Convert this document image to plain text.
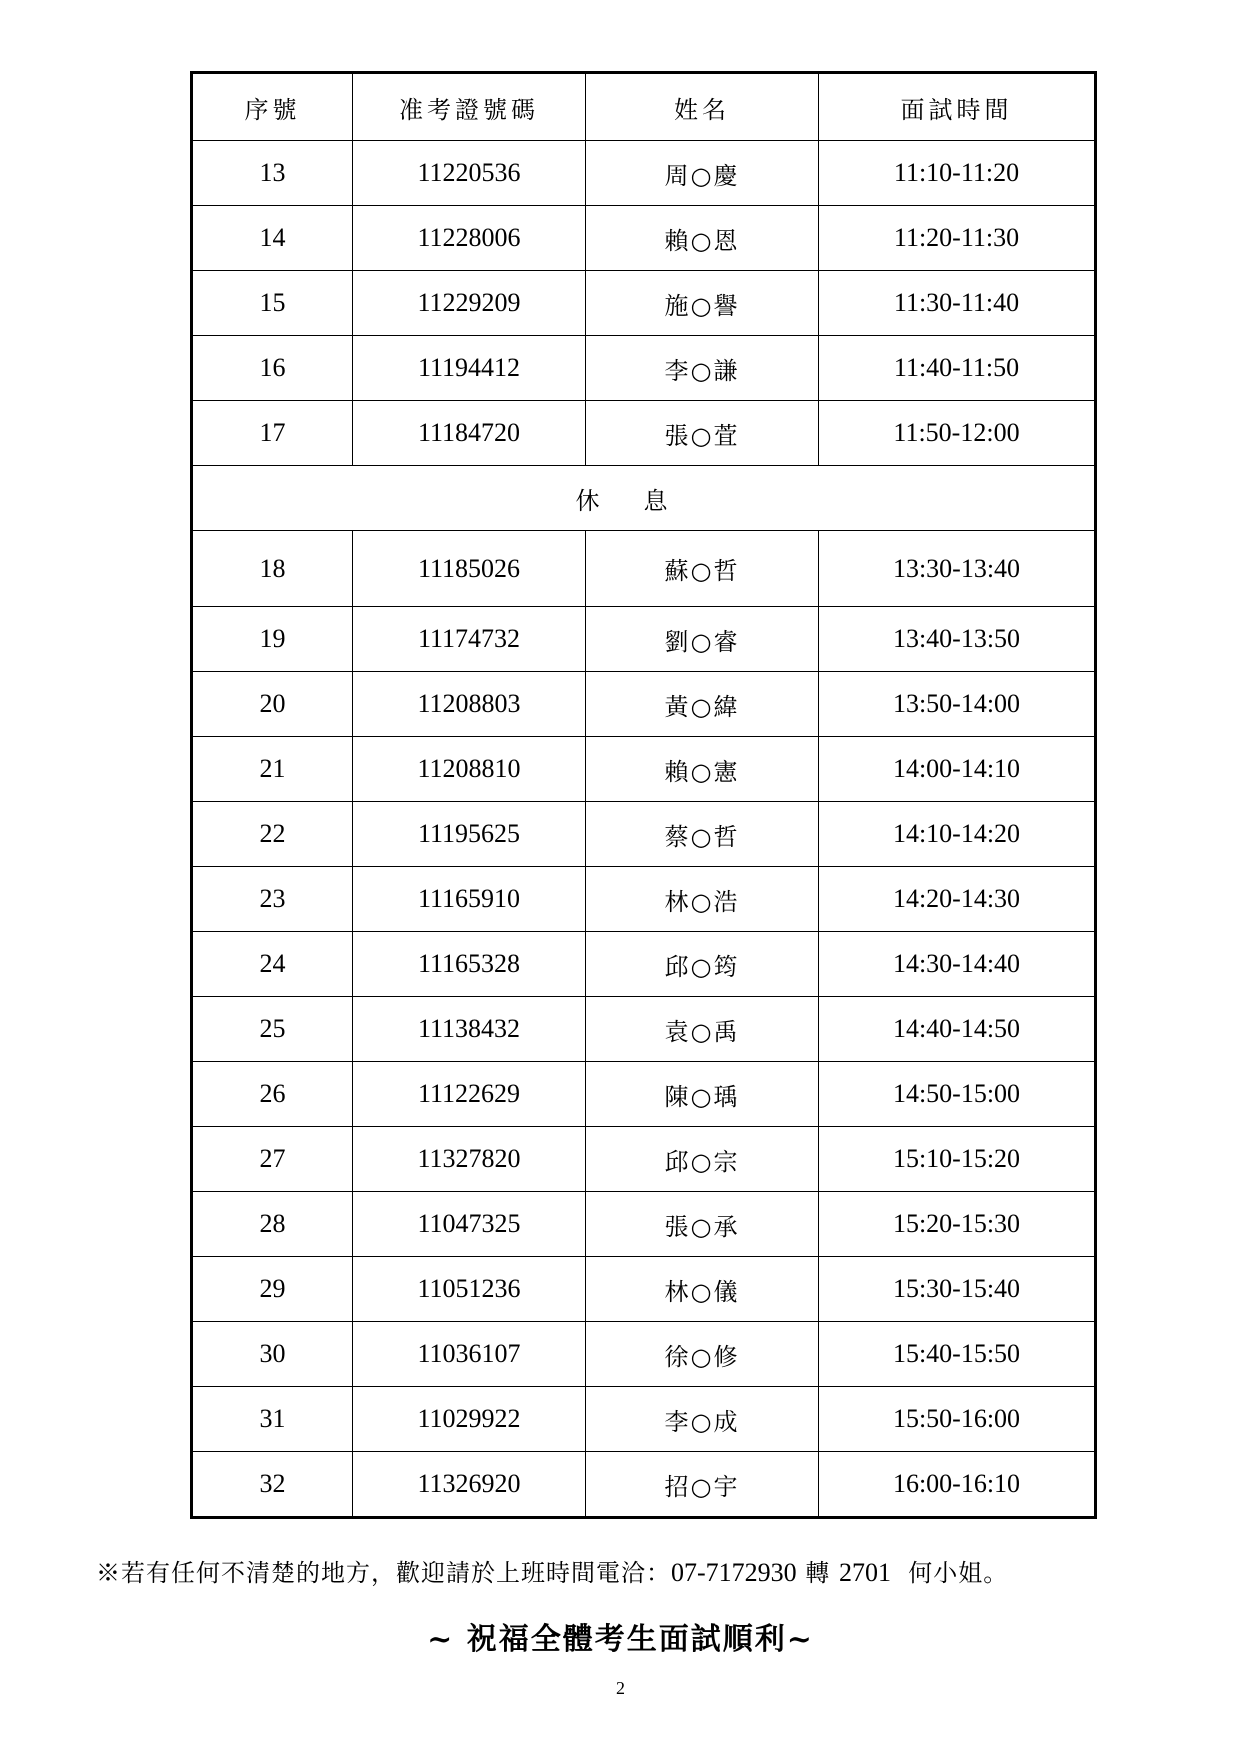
序號	准考證號碼	姓名	面試時間
13	11220536	周○慶	11:10-11:20
14	11228006	賴○恩	11:20-11:30
15	11229209	施○譽	11:30-11:40
16	11194412	李○謙	11:40-11:50
17	11184720	張○萓	11:50-12:00
休息			
18	11185026	蘇○哲	13:30-13:40
19	11174732	劉○睿	13:40-13:50
20	11208803	黃○緯	13:50-14:00
21	11208810	賴○憲	14:00-14:10
22	11195625	蔡○哲	14:10-14:20
23	11165910	林○浩	14:20-14:30
24	11165328	邱○筠	14:30-14:40
25	11138432	袁○禹	14:40-14:50
26	11122629	陳○瑀	14:50-15:00
27	11327820	邱○宗	15:10-15:20
28	11047325	張○承	15:20-15:30
29	11051236	林○儀	15:30-15:40
30	11036107	徐○修	15:40-15:50
31	11029922	李○成	15:50-16:00
32	11326920	招○宇	16:00-16:10
※若有任何不清楚的地方，歡迎請於上班時間電洽：07-7172930 轉 2701 何小姐。
~ 祝福全體考生面試順利~
2
